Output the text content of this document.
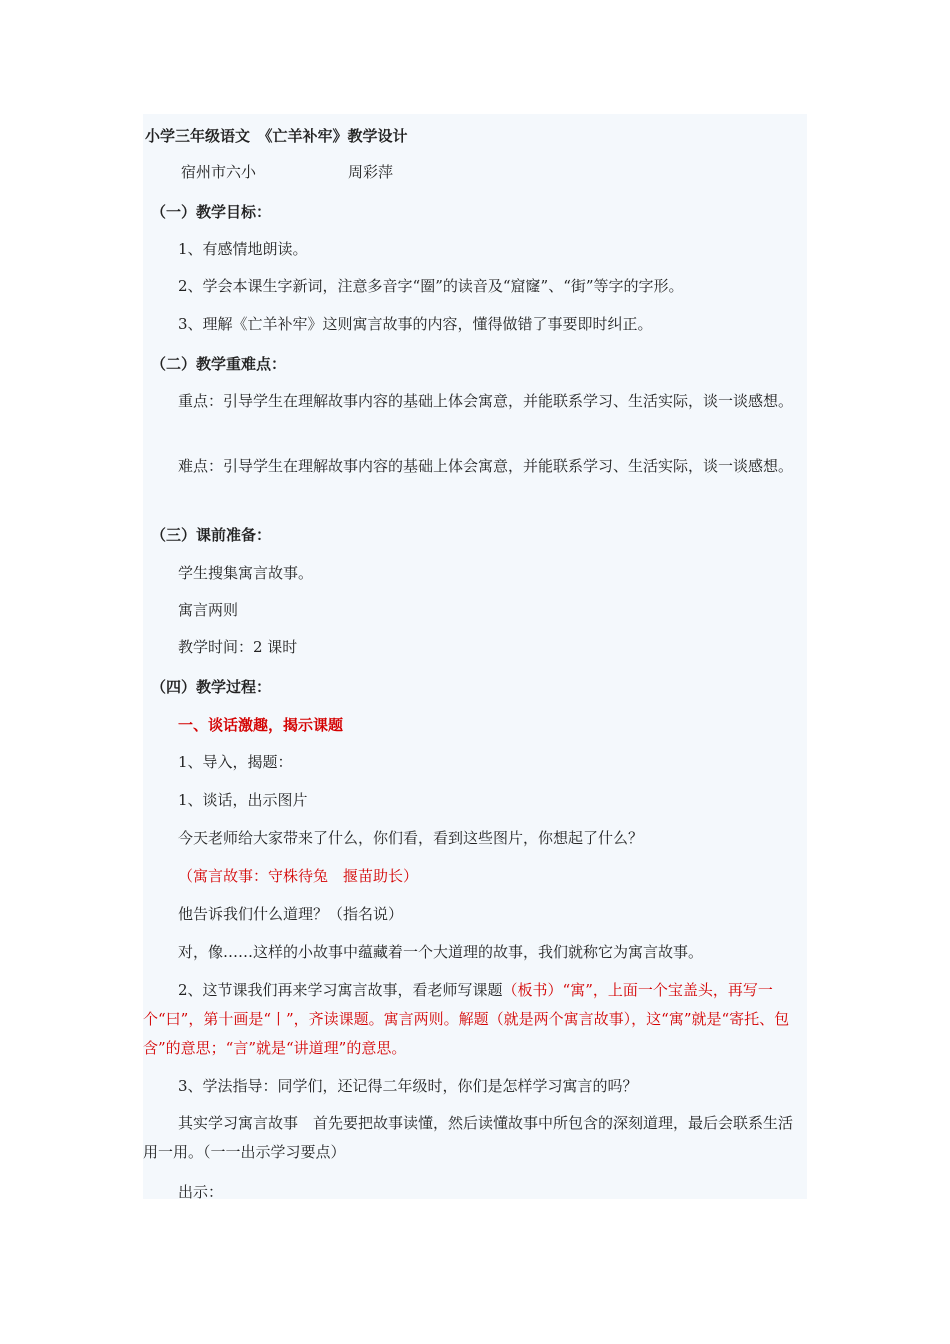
小学三年级语文　《亡羊补牢》教学设计
宿州市六小	周彩萍
（一）教学目标：
1、有感情地朗读。
2、学会本课生字新词，注意多音字“圈”的读音及“窟窿”、“街”等字的字形。
3、理解《亡羊补牢》这则寓言故事的内容，懂得做错了事要即时纠正。
（二）教学重难点：
重点：引导学生在理解故事内容的基础上体会寓意，并能联系学习、生活实际，谈一谈感想。
难点：引导学生在理解故事内容的基础上体会寓意，并能联系学习、生活实际，谈一谈感想。
（三）课前准备：
学生搜集寓言故事。
寓言两则
教学时间：2 课时
（四）教学过程：
一、谈话激趣，揭示课题
1、导入，揭题：
1、谈话，出示图片
今天老师给大家带来了什么，你们看，看到这些图片，你想起了什么？
（寓言故事：守株待兔　揠苗助长）
他告诉我们什么道理？（指名说）
对，像……这样的小故事中蕴藏着一个大道理的故事，我们就称它为寓言故事。
2、这节课我们再来学习寓言故事，看老师写课题（板书）“寓”，上面一个宝盖头，再写一个“曰”，第十画是“丨”，齐读课题。寓言两则。解题（就是两个寓言故事），这“寓”就是“寄托、包含”的意思；“言”就是“讲道理”的意思。
3、学法指导：同学们，还记得二年级时，你们是怎样学习寓言的吗？
其实学习寓言故事　首先要把故事读懂，然后读懂故事中所包含的深刻道理，最后会联系生活用一用。（一一出示学习要点）
出示：
